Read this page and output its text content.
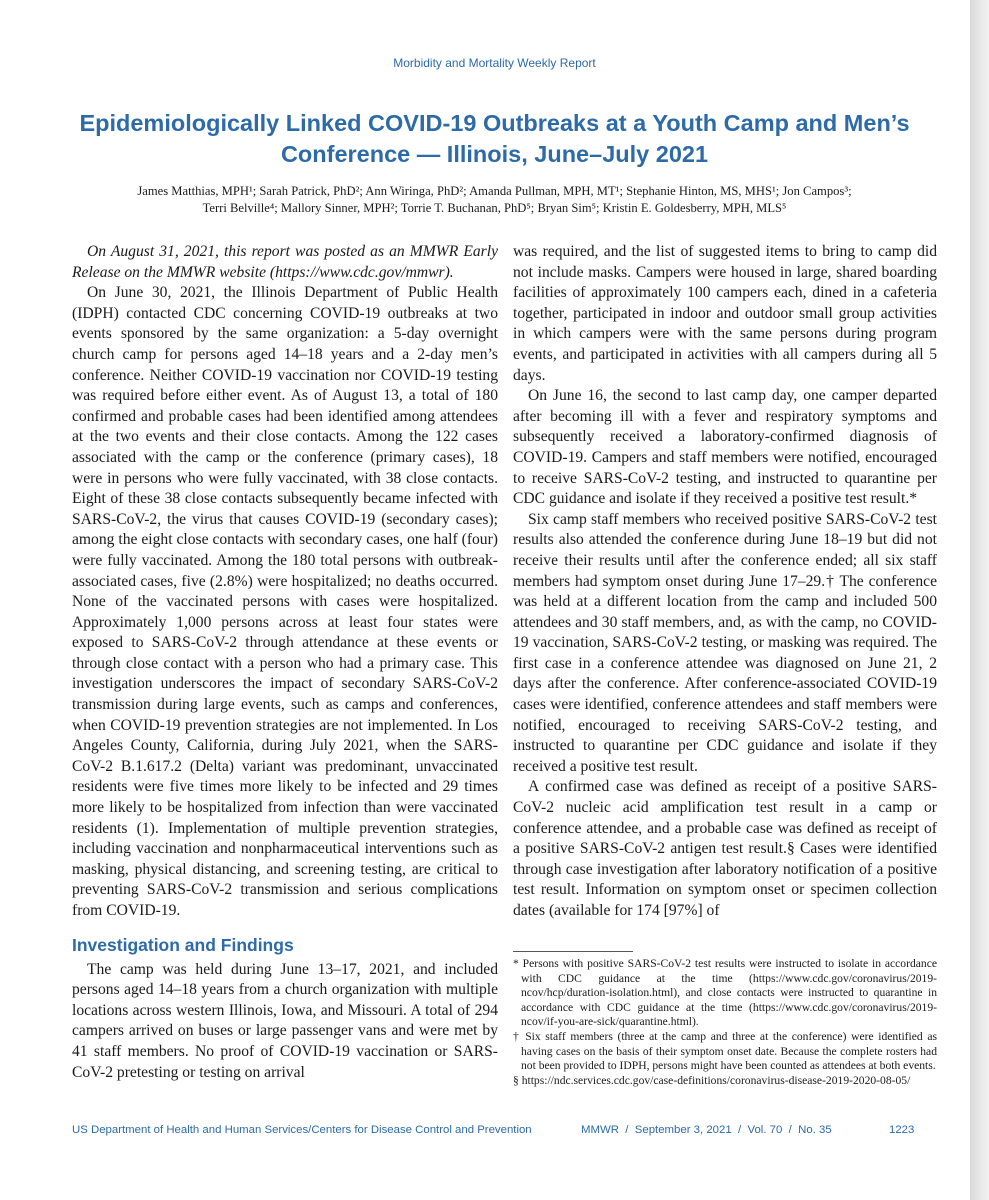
Morbidity and Mortality Weekly Report
Epidemiologically Linked COVID-19 Outbreaks at a Youth Camp and Men’s
Conference — Illinois, June–July 2021
James Matthias, MPH¹; Sarah Patrick, PhD²; Ann Wiringa, PhD²; Amanda Pullman, MPH, MT¹; Stephanie Hinton, MS, MHS¹; Jon Campos³;
Terri Belville⁴; Mallory Sinner, MPH²; Torrie T. Buchanan, PhD⁵; Bryan Sim⁵; Kristin E. Goldesberry, MPH, MLS⁵

On August 31, 2021, this report was posted as an MMWR Early Release on the MMWR website (https://www.cdc.gov/mmwr).

On June 30, 2021, the Illinois Department of Public Health (IDPH) contacted CDC concerning COVID-19 outbreaks at two events sponsored by the same organization: a 5-day overnight church camp for persons aged 14–18 years and a 2-day men’s conference. Neither COVID-19 vaccination nor COVID-19 testing was required before either event. As of August 13, a total of 180 confirmed and probable cases had been identified among attendees at the two events and their close contacts. Among the 122 cases associated with the camp or the conference (primary cases), 18 were in persons who were fully vaccinated, with 38 close contacts. Eight of these 38 close contacts subsequently became infected with SARS-CoV-2, the virus that causes COVID-19 (secondary cases); among the eight close contacts with secondary cases, one half (four) were fully vaccinated. Among the 180 total persons with outbreak-associated cases, five (2.8%) were hospitalized; no deaths occurred. None of the vaccinated persons with cases were hospitalized. Approximately 1,000 persons across at least four states were exposed to SARS-CoV-2 through attendance at these events or through close contact with a person who had a primary case. This investigation underscores the impact of secondary SARS-CoV-2 transmission during large events, such as camps and conferences, when COVID-19 prevention strategies are not implemented. In Los Angeles County, California, during July 2021, when the SARS-CoV-2 B.1.617.2 (Delta) variant was predominant, unvaccinated residents were five times more likely to be infected and 29 times more likely to be hospitalized from infection than were vaccinated residents (1). Implementation of multiple prevention strategies, including vaccination and nonpharmaceutical interventions such as masking, physical distancing, and screening testing, are critical to preventing SARS-CoV-2 transmission and serious complications from COVID-19.

Investigation and Findings

The camp was held during June 13–17, 2021, and included persons aged 14–18 years from a church organization with multiple locations across western Illinois, Iowa, and Missouri. A total of 294 campers arrived on buses or large passenger vans and were met by 41 staff members. No proof of COVID-19 vaccination or SARS-CoV-2 pretesting or testing on arrival

was required, and the list of suggested items to bring to camp did not include masks. Campers were housed in large, shared boarding facilities of approximately 100 campers each, dined in a cafeteria together, participated in indoor and outdoor small group activities in which campers were with the same persons during program events, and participated in activities with all campers during all 5 days.

On June 16, the second to last camp day, one camper departed after becoming ill with a fever and respiratory symptoms and subsequently received a laboratory-confirmed diagnosis of COVID-19. Campers and staff members were notified, encouraged to receive SARS-CoV-2 testing, and instructed to quarantine per CDC guidance and isolate if they received a positive test result.*

Six camp staff members who received positive SARS-CoV-2 test results also attended the conference during June 18–19 but did not receive their results until after the conference ended; all six staff members had symptom onset during June 17–29.† The conference was held at a different location from the camp and included 500 attendees and 30 staff members, and, as with the camp, no COVID-19 vaccination, SARS-CoV-2 testing, or masking was required. The first case in a conference attendee was diagnosed on June 21, 2 days after the conference. After conference-associated COVID-19 cases were identified, conference attendees and staff members were notified, encouraged to receiving SARS-CoV-2 testing, and instructed to quarantine per CDC guidance and isolate if they received a positive test result.

A confirmed case was defined as receipt of a positive SARS-CoV-2 nucleic acid amplification test result in a camp or conference attendee, and a probable case was defined as receipt of a positive SARS-CoV-2 antigen test result.§ Cases were identified through case investigation after laboratory notification of a positive test result. Information on symptom onset or specimen collection dates (available for 174 [97%] of

* Persons with positive SARS-CoV-2 test results were instructed to isolate in accordance with CDC guidance at the time (https://www.cdc.gov/coronavirus/2019-ncov/hcp/duration-isolation.html), and close contacts were instructed to quarantine in accordance with CDC guidance at the time (https://www.cdc.gov/coronavirus/2019-ncov/if-you-are-sick/quarantine.html).

† Six staff members (three at the camp and three at the conference) were identified as having cases on the basis of their symptom onset date. Because the complete rosters had not been provided to IDPH, persons might have been counted as attendees at both events.

§ https://ndc.services.cdc.gov/case-definitions/coronavirus-disease-2019-2020-08-05/

US Department of Health and Human Services/Centers for Disease Control and Prevention	MMWR  /  September 3, 2021  /  Vol. 70  /  No. 35	1223
